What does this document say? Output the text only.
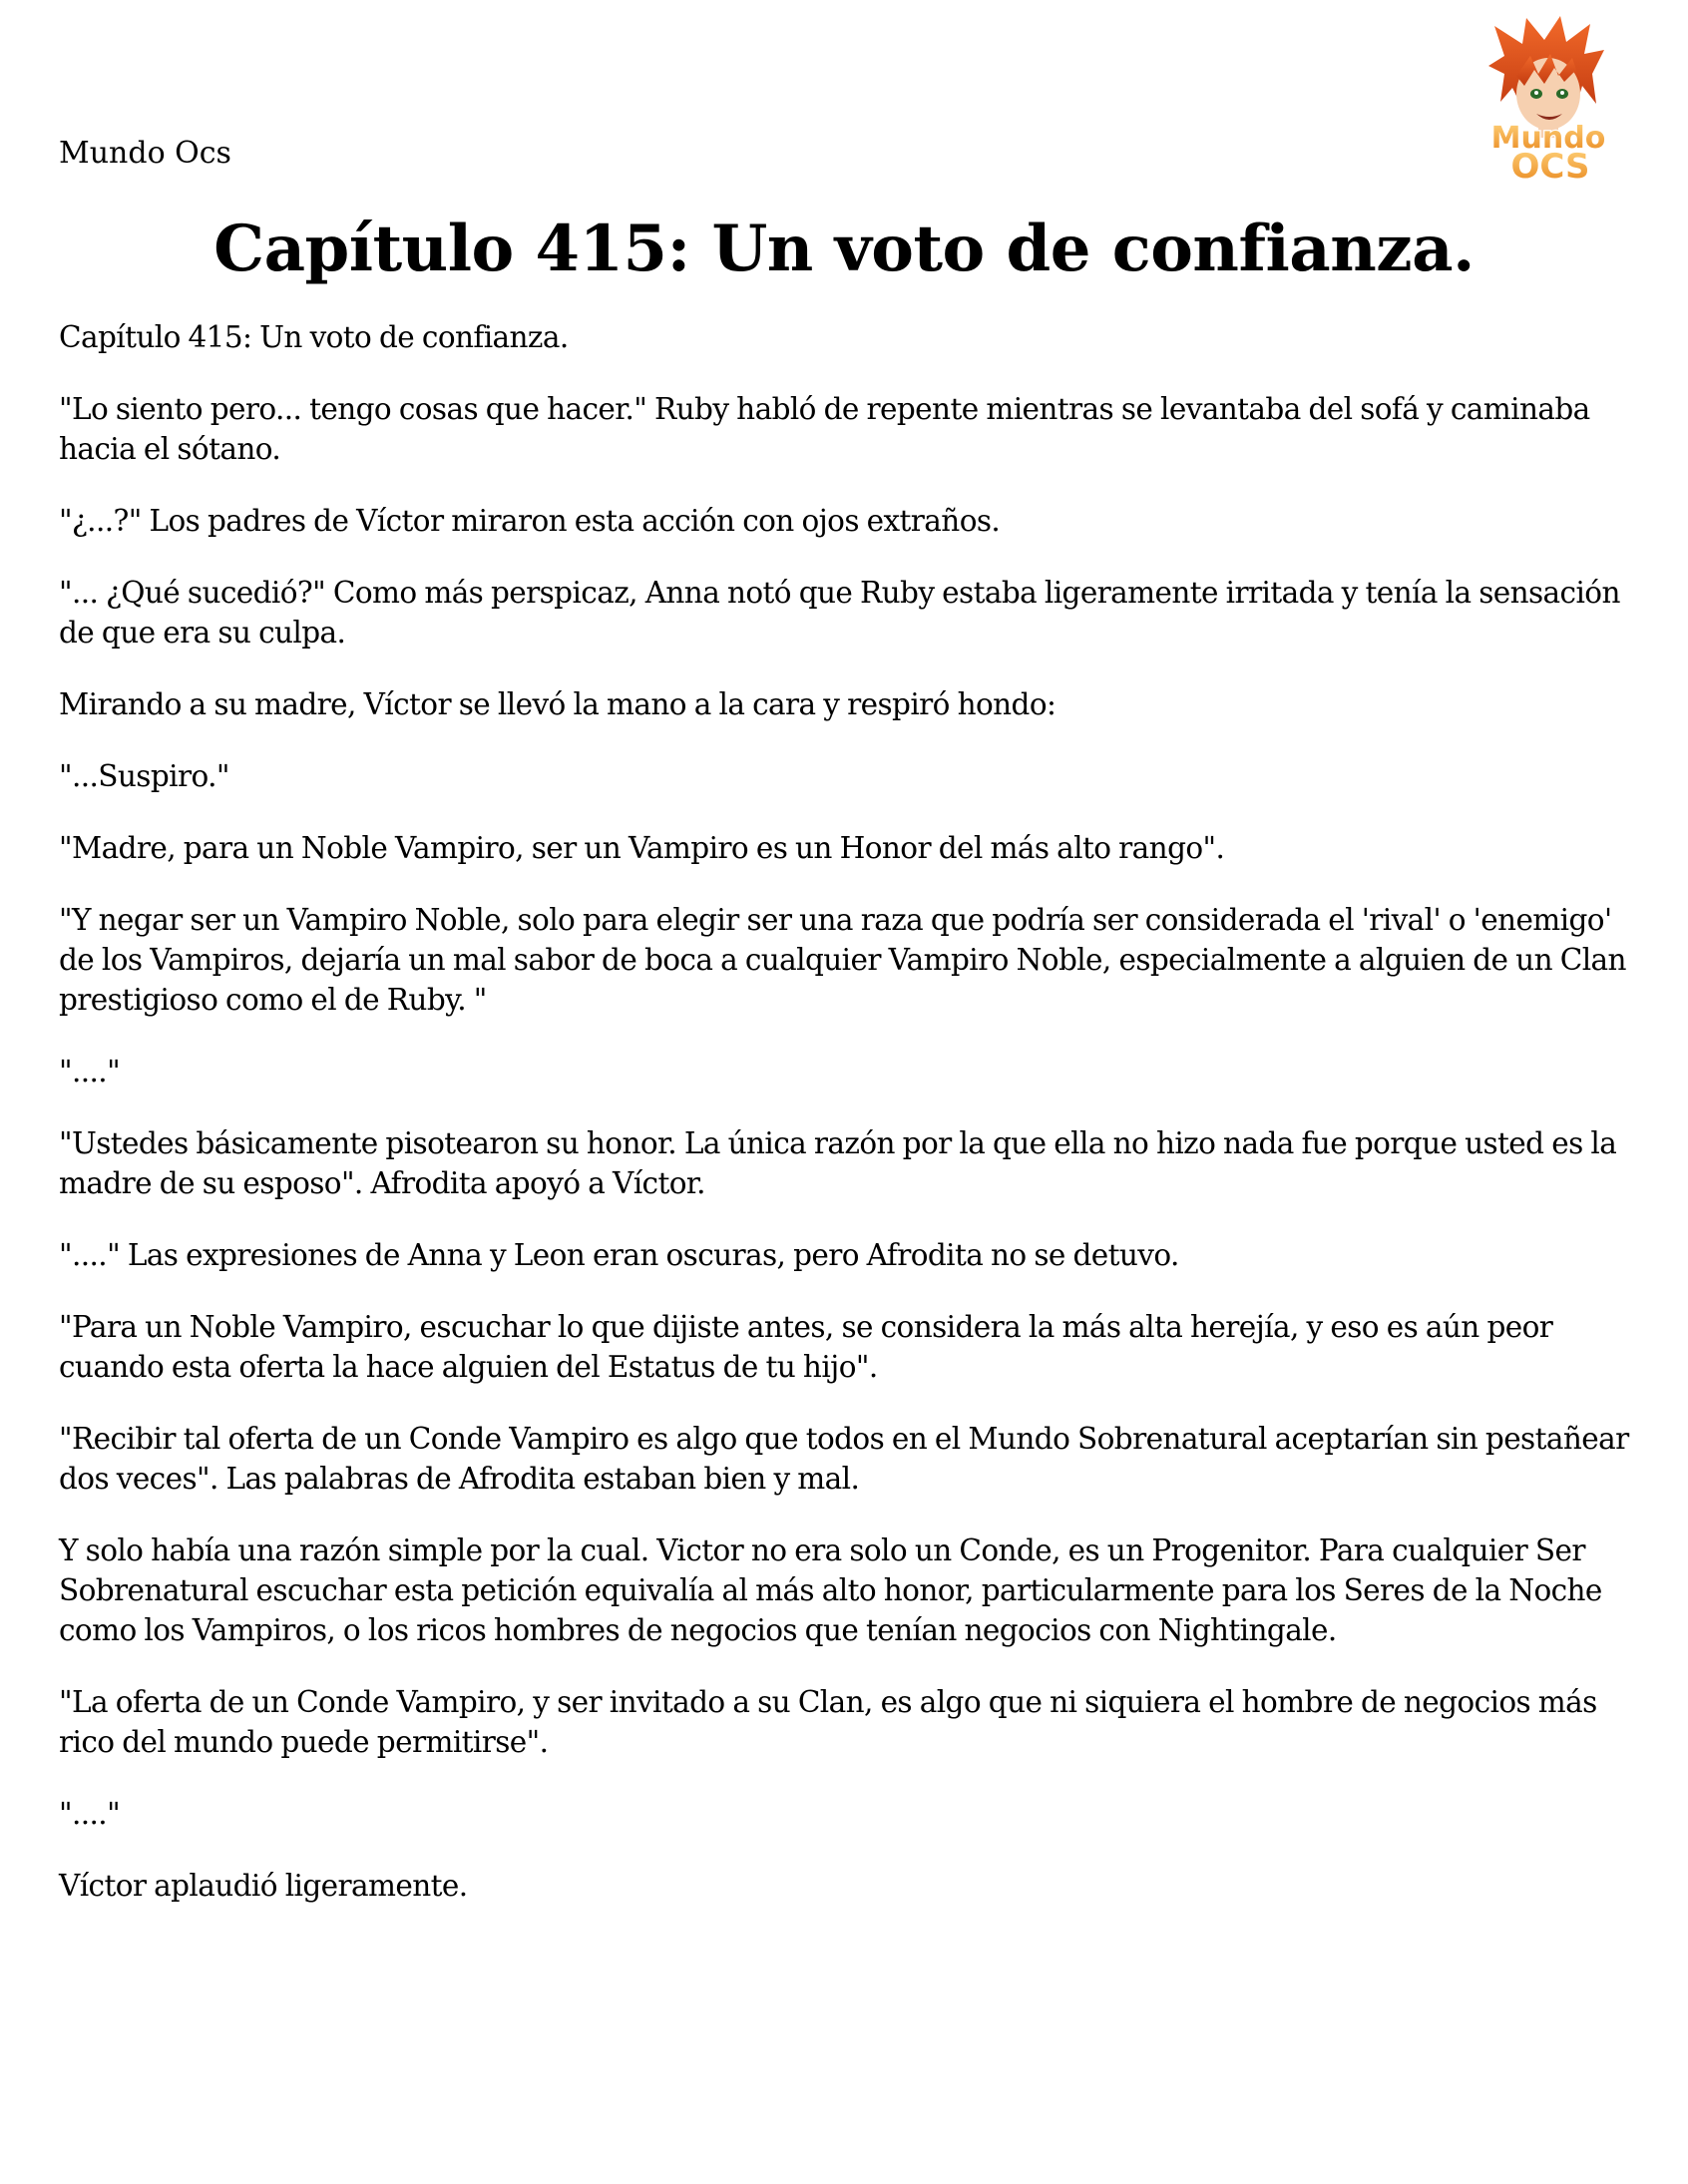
Mundo Ocs	Mundo
OCS
Capítulo 415: Un voto de confianza.

Capítulo 415: Un voto de confianza.

"Lo siento pero... tengo cosas que hacer." Ruby habló de repente mientras se levantaba del sofá y caminaba hacia el sótano.

"¿...?" Los padres de Víctor miraron esta acción con ojos extraños.

"... ¿Qué sucedió?" Como más perspicaz, Anna notó que Ruby estaba ligeramente irritada y tenía la sensación de que era su culpa.

Mirando a su madre, Víctor se llevó la mano a la cara y respiró hondo:

"...Suspiro."

"Madre, para un Noble Vampiro, ser un Vampiro es un Honor del más alto rango".

"Y negar ser un Vampiro Noble, solo para elegir ser una raza que podría ser considerada el 'rival' o 'enemigo' de los Vampiros, dejaría un mal sabor de boca a cualquier Vampiro Noble, especialmente a alguien de un Clan prestigioso como el de Ruby. "

"...."

"Ustedes básicamente pisotearon su honor. La única razón por la que ella no hizo nada fue porque usted es la madre de su esposo". Afrodita apoyó a Víctor.

"...." Las expresiones de Anna y Leon eran oscuras, pero Afrodita no se detuvo.

"Para un Noble Vampiro, escuchar lo que dijiste antes, se considera la más alta herejía, y eso es aún peor cuando esta oferta la hace alguien del Estatus de tu hijo".

"Recibir tal oferta de un Conde Vampiro es algo que todos en el Mundo Sobrenatural aceptarían sin pestañear dos veces". Las palabras de Afrodita estaban bien y mal.

Y solo había una razón simple por la cual. Victor no era solo un Conde, es un Progenitor. Para cualquier Ser Sobrenatural escuchar esta petición equivalía al más alto honor, particularmente para los Seres de la Noche como los Vampiros, o los ricos hombres de negocios que tenían negocios con Nightingale.

"La oferta de un Conde Vampiro, y ser invitado a su Clan, es algo que ni siquiera el hombre de negocios más rico del mundo puede permitirse".

"...."

Víctor aplaudió ligeramente.
